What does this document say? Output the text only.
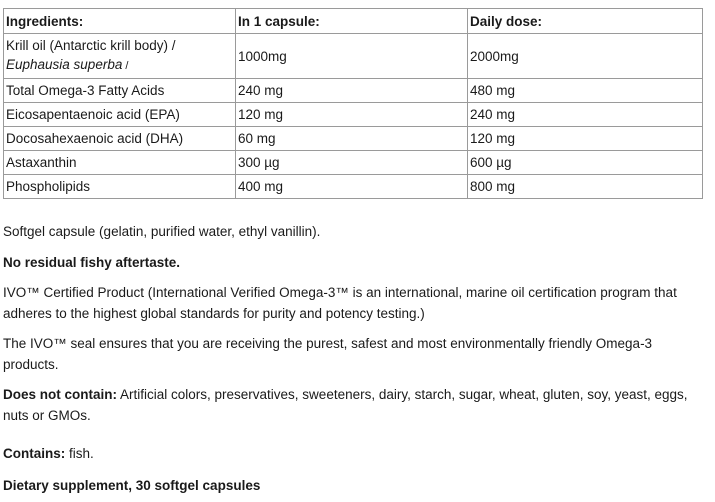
Ingredients:	In 1 capsule:	Daily dose:
Krill oil (Antarctic krill body) /
Euphausia superba /	1000mg	2000mg
Total Omega-3 Fatty Acids	240 mg	480 mg
Eicosapentaenoic acid (EPA)	120 mg	240 mg
Docosahexaenoic acid (DHA)	60 mg	120 mg
Astaxanthin	300 µg	600 µg
Phospholipids	400 mg	800 mg

Softgel capsule (gelatin, purified water, ethyl vanillin).

No residual fishy aftertaste.

IVO™ Certified Product (International Verified Omega-3™ is an international, marine oil certification program that adheres to the highest global standards for purity and potency testing.)

The IVO™ seal ensures that you are receiving the purest, safest and most environmentally friendly Omega-3 products.

Does not contain: Artificial colors, preservatives, sweeteners, dairy, starch, sugar, wheat, gluten, soy, yeast, eggs, nuts or GMOs.

Contains: fish.

Dietary supplement, 30 softgel capsules
